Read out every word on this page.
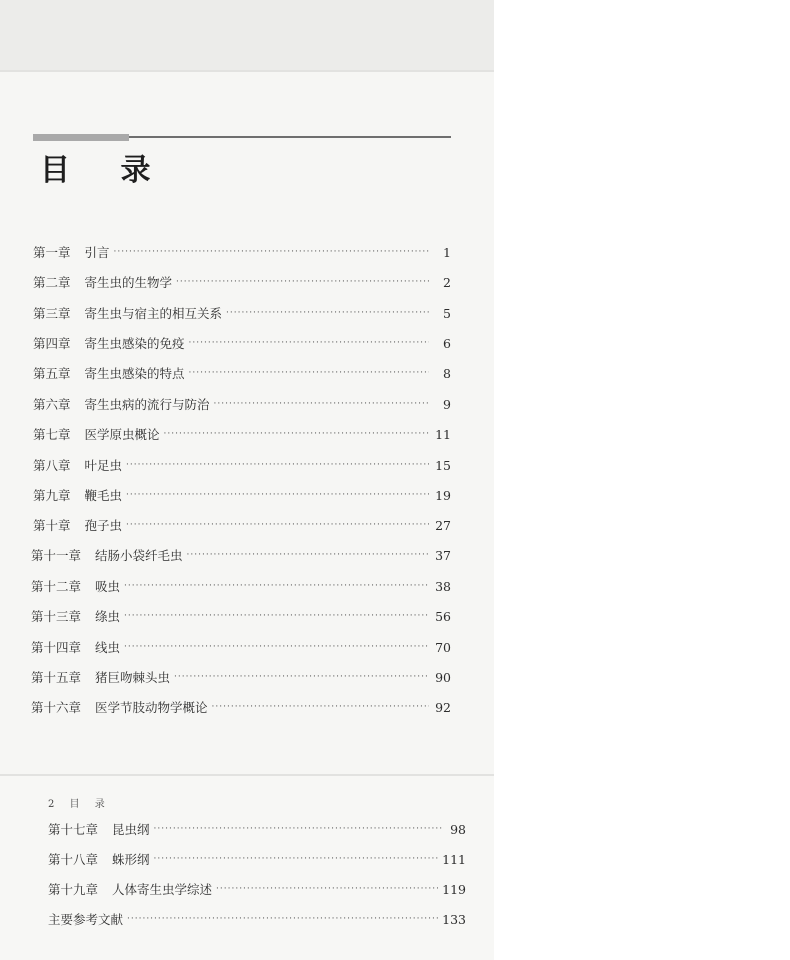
目 录
第一章 引言 ·····	1
第二章 寄生虫的生物学 ·····	2
第三章 寄生虫与宿主的相互关系 ·····	5
第四章 寄生虫感染的免疫 ·····	6
第五章 寄生虫感染的特点 ·····	8
第六章 寄生虫病的流行与防治 ·····	9
第七章 医学原虫概论 ·····	11
第八章 叶足虫 ·····	15
第九章 鞭毛虫 ·····	19
第十章 孢子虫 ·····	27
第十一章 结肠小袋纤毛虫 ·····	37
第十二章 吸虫 ·····	38
第十三章 绦虫 ·····	56
第十四章 线虫 ·····	70
第十五章 猪巨吻棘头虫 ·····	90
第十六章 医学节肢动物学概论 ·····	92
2 目 录
第十七章 昆虫纲 ·····	98
第十八章 蛛形纲 ·····	111
第十九章 人体寄生虫学综述 ·····	119
主要参考文献 ·····	133
